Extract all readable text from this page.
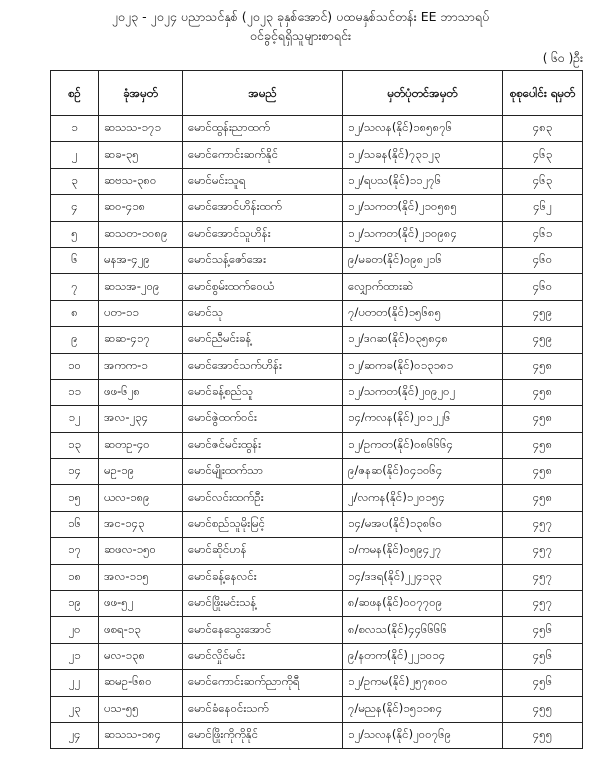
၂၀၂၃ - ၂၀၂၄ ပညာသင်နှစ် (၂၀၂၃ ခုနှစ်အောင်) ပထမနှစ်သင်တန်း EE ဘာသာရပ်
ဝင်ခွင့်ရရှိသူများစာရင်း
( ၆၀ )ဦး
စဉ်	ခုံအမှတ်	အမည်	မှတ်ပုံတင်အမှတ်	စုစုပေါင်း ရမှတ်
၁	ဆသသ-၁၇၁	မောင်ထွန်းညာထက်	၁၂/သလန(နိုင်)၁၈၅၈၇၆	၄၈၃
၂	ဆခ-၃၅	မောင်ကောင်းဆက်နိုင်	၁၂/သခန(နိုင်)၇၃၁၂၃	၄၆၃
၃	ဆဗသ-၃၈၀	မောင်မင်းသူရ	၁၂/ရပသ(နိုင်)၁၁၂၇၆	၄၆၃
၄	ဆဝ-၄၁၈	မောင်အောင်ဟိန်းထက်	၁၂/သကတ(နိုင်)၂၁၀၅၈၅	၄၆၂
၅	ဆသတ-၁၀၈၉	မောင်အောင်သူဟိန်း	၁၂/သကတ(နိုင်)၂၁၀၉၈၄	၄၆၁
၆	မနအ-၄၂၉	မောင်သန့်ဇော်အေး	၉/မခတ(နိုင်)၀၉၈၂၁၆	၄၆၀
၇	ဆသအ-၂၀၉	မောင်စွမ်းထက်ဝေယံ	လျှောက်ထားဆဲ	၄၆၀
၈	ပတ-၁၁	မောင်သု	၇/ပတတ(နိုင်)၁၅၆၈၅	၄၅၉
၉	ဆဆ-၄၁၇	မောင်ညီမင်းခန့်	၁၂/ဒဂဆ(နိုင်)၀၃၅၈၄၈	၄၅၉
၁၀	အကက-၁	မောင်အောင်သက်ဟိန်း	၁၂/ဆကခ(နိုင်)၀၁၃၁၈၁	၄၅၈
၁၁	ဖဖ-၆၂၈	မောင်ခန့်စည်သူ	၁၂/သကတ(နိုင်)၂၀၉၂၀၂	၄၅၈
၁၂	အလ-၂၃၄	မောင်ဇွဲထက်ဝင်း	၁၄/ကလန(နိုင်)၂၀၁၂၂၆	၄၅၈
၁၃	ဆတဥ-၄၀	မောင်ဇင်မင်းထွန်း	၁၂/ဥကတ(နိုင်)၀၈၆၆၆၄	၄၅၈
၁၄	မဥ-၁၉	မောင်မျိုးထက်သာ	၉/ဇနဆ(နိုင်)၀၄၁၀၆၄	၄၅၈
၁၅	ယလ-၁၈၉	မောင်လင်းထက်ဦး	၂/လကန(နိုင်)၁၂၀၁၅၄	၄၅၈
၁၆	အင-၁၄၃	မောင်စည်သူမိုးမြင့်	၁၄/မအပ(နိုင်)၁၃၈၆၀	၄၅၇
၁၇	ဆဖလ-၁၅၀	မောင်ဆိုင်ဟန်	၁/ကမန(နိုင်)၀၅၉၄၂၇	၄၅၇
၁၈	အလ-၁၁၅	မောင်ခန့်နေလင်း	၁၄/ဒဒရ(နိုင်)၂၂၄၁၃၃	၄၅၇
၁၉	ဖဖ-၅၂	မောင်ဖြိုးမင်းသန့်	၈/ဆဖန(နိုင်)၀၀၇၇၀၉	၄၅၇
၂၀	ဖစရ-၁၃	မောင်နေသွေးအောင်	၈/စလသ(နိုင်)၄၄၆၆၆၆	၄၅၆
၂၁	မလ-၁၃၈	မောင်လှိုင်မင်း	၉/နတက(နိုင်)၂၂၁၀၁၄	၄၅၆
၂၂	ဆမဥ-၆၈၀	မောင်ကောင်းဆက်ညာကိုရီ	၁၂/ဥကမ(နိုင်)၂၅၇၈၀၀	၄၅၆
၂၃	ပသ-၅၅	မောင်ခံနေဝင်းသက်	၇/မညန(နိုင်)၁၅၁၁၈၄	၄၅၅
၂၄	ဆသသ-၁၈၄	မောင်ဖြိုးကိုကိုနိုင်	၁၂/သလန(နိုင်)၂၀၀၇၆၉	၄၅၅
